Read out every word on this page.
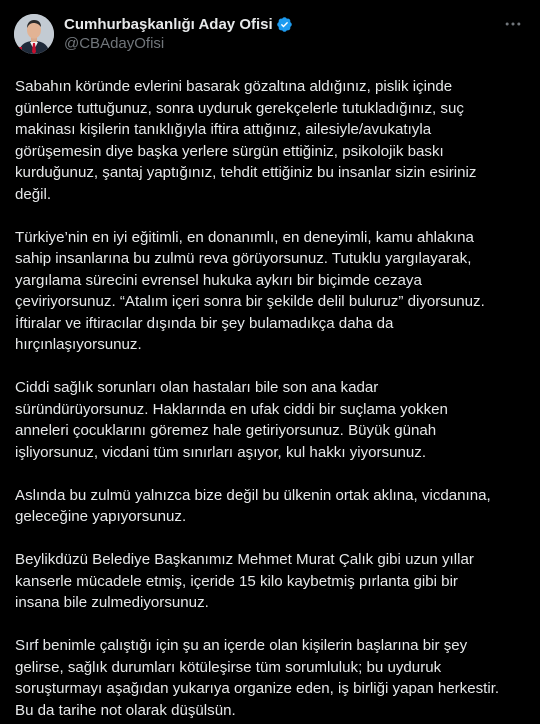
Cumhurbaşkanlığı Aday Ofisi
@CBAdayOfisi

Sabahın köründe evlerini basarak gözaltına aldığınız, pislik içinde
günlerce tuttuğunuz, sonra uyduruk gerekçelerle tutukladığınız, suç
makinası kişilerin tanıklığıyla iftira attığınız, ailesiyle/avukatıyla
görüşemesin diye başka yerlere sürgün ettiğiniz, psikolojik baskı
kurduğunuz, şantaj yaptığınız, tehdit ettiğiniz bu insanlar sizin esiriniz
değil.

Türkiye’nin en iyi eğitimli, en donanımlı, en deneyimli, kamu ahlakına
sahip insanlarına bu zulmü reva görüyorsunuz. Tutuklu yargılayarak,
yargılama sürecini evrensel hukuka aykırı bir biçimde cezaya
çeviriyorsunuz. “Atalım içeri sonra bir şekilde delil buluruz” diyorsunuz.
İftiralar ve iftiracılar dışında bir şey bulamadıkça daha da
hırçınlaşıyorsunuz.

Ciddi sağlık sorunları olan hastaları bile son ana kadar
süründürüyorsunuz. Haklarında en ufak ciddi bir suçlama yokken
anneleri çocuklarını göremez hale getiriyorsunuz. Büyük günah
işliyorsunuz, vicdani tüm sınırları aşıyor, kul hakkı yiyorsunuz.

Aslında bu zulmü yalnızca bize değil bu ülkenin ortak aklına, vicdanına,
geleceğine yapıyorsunuz.

Beylikdüzü Belediye Başkanımız Mehmet Murat Çalık gibi uzun yıllar
kanserle mücadele etmiş, içeride 15 kilo kaybetmiş pırlanta gibi bir
insana bile zulmediyorsunuz.

Sırf benimle çalıştığı için şu an içerde olan kişilerin başlarına bir şey
gelirse, sağlık durumları kötüleşirse tüm sorumluluk; bu uyduruk
soruşturmayı aşağıdan yukarıya organize eden, iş birliği yapan herkestir.
Bu da tarihe not olarak düşülsün.
